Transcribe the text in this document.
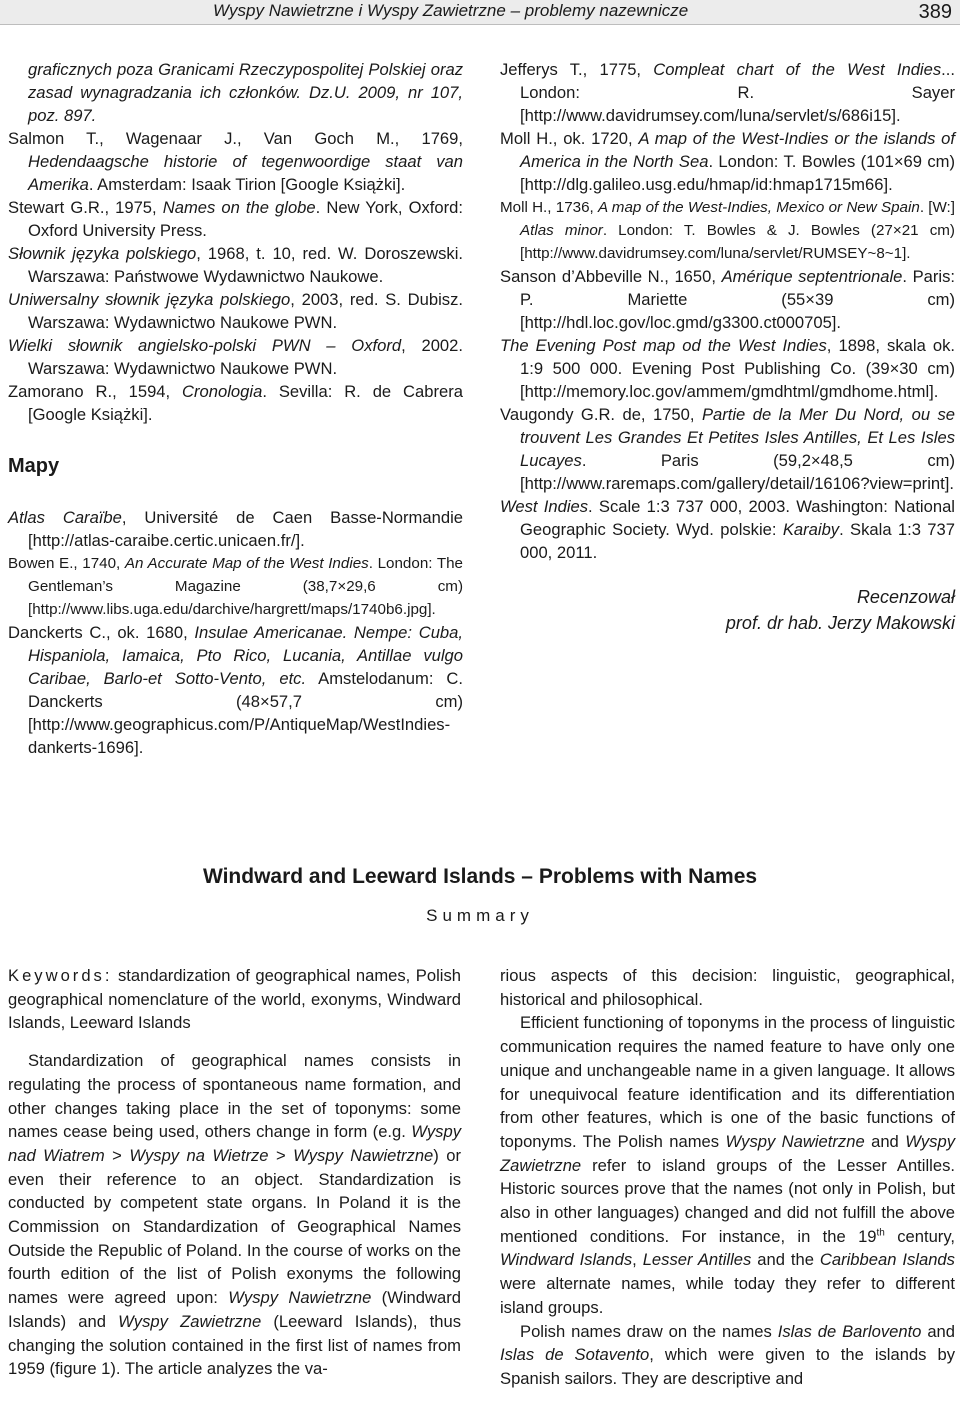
Wyspy Nawietrzne i Wyspy Zawietrzne – problemy nazewnicze	389

graficznych poza Granicami Rzeczypospolitej Polskiej oraz zasad wynagradzania ich członków. Dz.U. 2009, nr 107, poz. 897.

Salmon T., Wagenaar J., Van Goch M., 1769, Hedendaagsche historie of tegenwoordige staat van Amerika. Amsterdam: Isaak Tirion [Google Książki].

Stewart G.R., 1975, Names on the globe. New York, Oxford: Oxford University Press.

Słownik języka polskiego, 1968, t. 10, red. W. Doroszewski. Warszawa: Państwowe Wydawnictwo Naukowe.

Uniwersalny słownik języka polskiego, 2003, red. S. Dubisz. Warszawa: Wydawnictwo Naukowe PWN.

Wielki słownik angielsko-polski PWN – Oxford, 2002. Warszawa: Wydawnictwo Naukowe PWN.

Zamorano R., 1594, Cronologia. Sevilla: R. de Cabrera [Google Książki].

Mapy

Atlas Caraïbe, Université de Caen Basse-Normandie [http://atlas-caraibe.certic.unicaen.fr/].

Bowen E., 1740, An Accurate Map of the West Indies. London: The Gentleman’s Magazine (38,7×29,6 cm) [http://www.libs.uga.edu/darchive/hargrett/maps/1740b6.jpg].

Danckerts C., ok. 1680, Insulae Americanae. Nempe: Cuba, Hispaniola, Iamaica, Pto Rico, Lucania, Antillae vulgo Caribae, Barlo-et Sotto-Vento, etc. Amstelodanum: C. Danckerts (48×57,7 cm) [http://www.geographicus.com/P/AntiqueMap/WestIndies-dankerts-1696].

Jefferys T., 1775, Compleat chart of the West Indies... London: R. Sayer [http://www.davidrumsey.com/luna/servlet/s/686i15].

Moll H., ok. 1720, A map of the West-Indies or the islands of America in the North Sea. London: T. Bowles (101×69 cm) [http://dlg.galileo.usg.edu/hmap/id:hmap1715m66].

Moll H., 1736, A map of the West-Indies, Mexico or New Spain. [W:] Atlas minor. London: T. Bowles & J. Bowles (27×21 cm) [http://www.davidrumsey.com/luna/servlet/RUMSEY~8~1].

Sanson d’Abbeville N., 1650, Amérique septentrionale. Paris: P. Mariette (55×39 cm) [http://hdl.loc.gov/loc.gmd/g3300.ct000705].

The Evening Post map od the West Indies, 1898, skala ok. 1:9 500 000. Evening Post Publishing Co. (39×30 cm) [http://memory.loc.gov/ammem/gmdhtml/gmdhome.html].

Vaugondy G.R. de, 1750, Partie de la Mer Du Nord, ou se trouvent Les Grandes Et Petites Isles Antilles, Et Les Isles Lucayes. Paris (59,2×48,5 cm) [http://www.raremaps.com/gallery/detail/16106?view=print].

West Indies. Scale 1:3 737 000, 2003. Washington: National Geographic Society. Wyd. polskie: Karaiby. Skala 1:3 737 000, 2011.

Recenzował
prof. dr hab. Jerzy Makowski
Windward and Leeward Islands – Problems with Names
Summary

Keywords: standardization of geographical names, Polish geographical nomenclature of the world, exonyms, Windward Islands, Leeward Islands

Standardization of geographical names consists in regulating the process of spontaneous name formation, and other changes taking place in the set of toponyms: some names cease being used, others change in form (e.g. Wyspy nad Wiatrem > Wyspy na Wietrze > Wyspy Nawietrzne) or even their reference to an object. Standardization is conducted by competent state organs. In Poland it is the Commission on Standardization of Geographical Names Outside the Republic of Poland. In the course of works on the fourth edition of the list of Polish exonyms the following names were agreed upon: Wyspy Nawietrzne (Windward Islands) and Wyspy Zawietrzne (Leeward Islands), thus changing the solution contained in the first list of names from 1959 (figure 1). The article analyzes the va-

rious aspects of this decision: linguistic, geographical, historical and philosophical.

Efficient functioning of toponyms in the process of linguistic communication requires the named feature to have only one unique and unchangeable name in a given language. It allows for unequivocal feature identification and its differentiation from other features, which is one of the basic functions of toponyms. The Polish names Wyspy Nawietrzne and Wyspy Zawietrzne refer to island groups of the Lesser Antilles. Historic sources prove that the names (not only in Polish, but also in other languages) changed and did not fulfill the above mentioned conditions. For instance, in the 19th century, Windward Islands, Lesser Antilles and the Caribbean Islands were alternate names, while today they refer to different island groups.

Polish names draw on the names Islas de Barlovento and Islas de Sotavento, which were given to the islands by Spanish sailors. They are descriptive and
